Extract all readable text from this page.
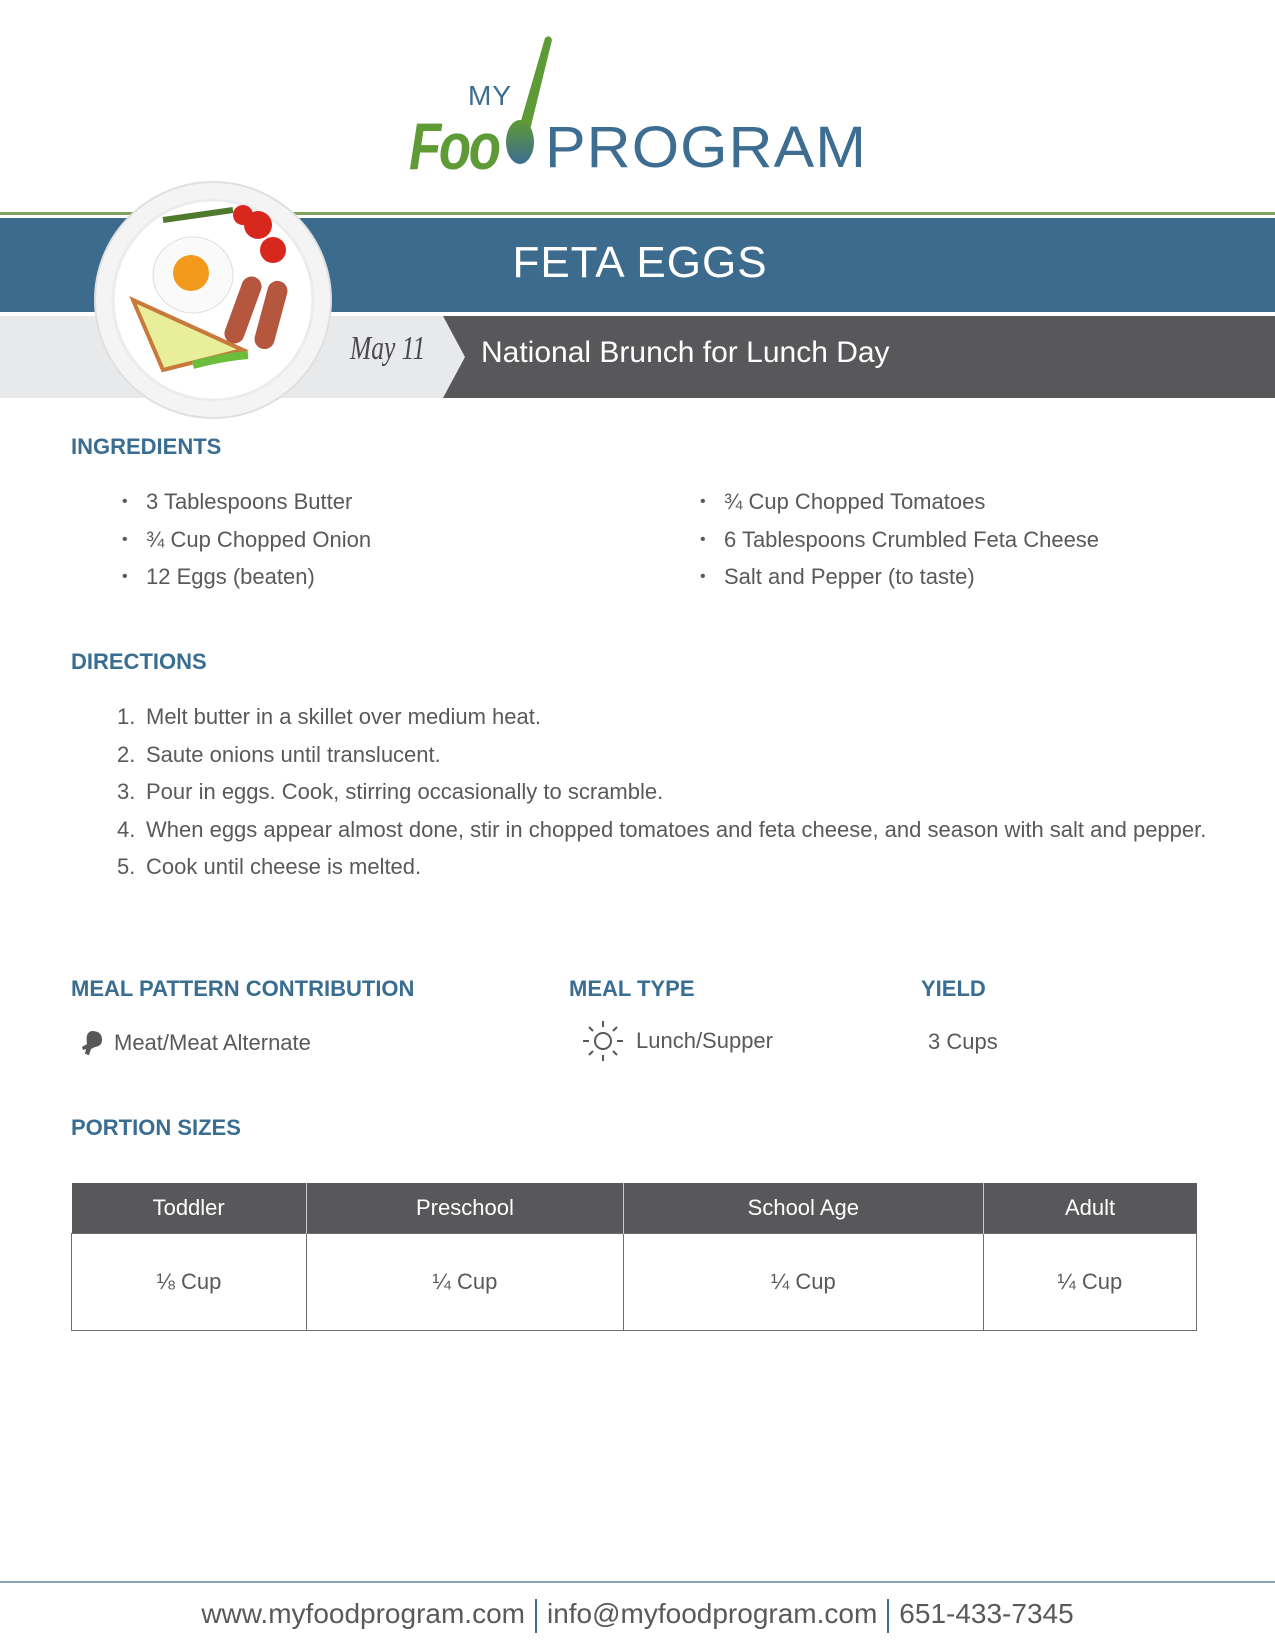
MY
Foo PROGRAM
FETA EGGS
May 11 National Brunch for Lunch Day
INGREDIENTS
• 3 Tablespoons Butter
• ¾ Cup Chopped Onion
• 12 Eggs (beaten)
• ¾ Cup Chopped Tomatoes
• 6 Tablespoons Crumbled Feta Cheese
• Salt and Pepper (to taste)
DIRECTIONS
1. Melt butter in a skillet over medium heat.
2. Saute onions until translucent.
3. Pour in eggs. Cook, stirring occasionally to scramble.
4. When eggs appear almost done, stir in chopped tomatoes and feta cheese, and season with salt and pepper.
5. Cook until cheese is melted.
MEAL PATTERN CONTRIBUTION	MEAL TYPE	YIELD
Meat/Meat Alternate	Lunch/Supper	3 Cups
PORTION SIZES
Toddler	Preschool	School Age	Adult
⅛ Cup	¼ Cup	¼ Cup	¼ Cup
www.myfoodprogram.com info@myfoodprogram.com 651-433-7345
